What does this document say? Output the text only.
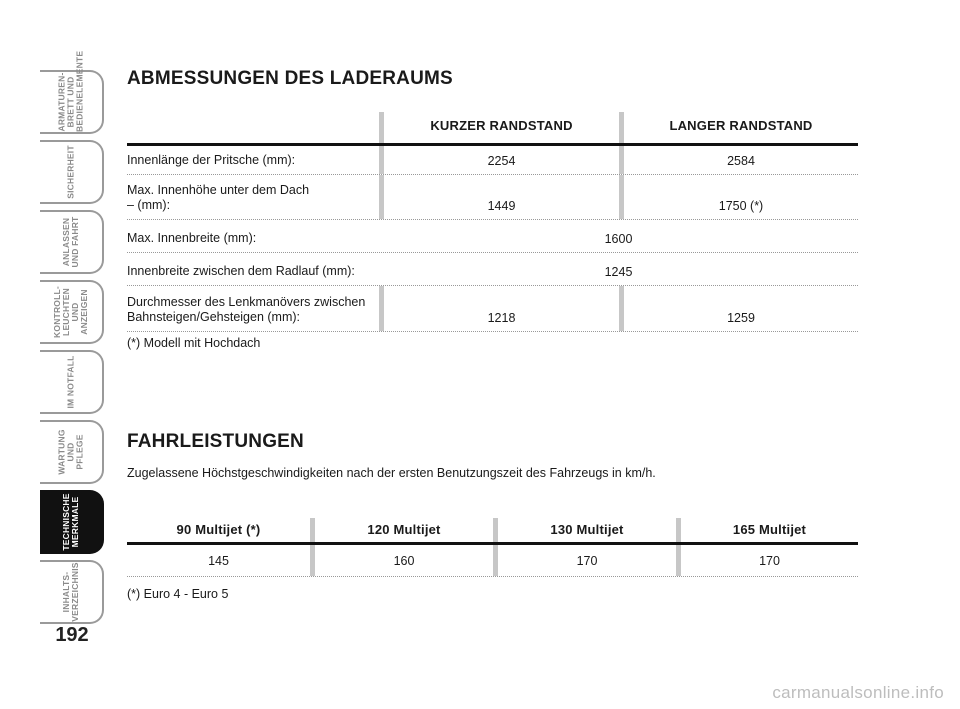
ARMATUREN-
BRETT UND
BEDIENELEMENTE
SICHERHEIT
ANLASSEN
UND FAHRT
KONTROLL-
LEUCHTEN UND
ANZEIGEN
IM NOTFALL
WARTUNG UND
PFLEGE
TECHNISCHE
MERKMALE
INHALTS-
VERZEICHNIS
192
ABMESSUNGEN DES LADERAUMS
KURZER RANDSTAND	LANGER RANDSTAND
Innenlänge der Pritsche (mm):	2254	2584
Max. Innenhöhe unter dem Dach
– (mm):	1449	1750 (*)
Max. Innenbreite (mm):	1600
Innenbreite zwischen dem Radlauf (mm):	1245
Durchmesser des Lenkmanövers zwischen
Bahnsteigen/Gehsteigen (mm):	1218	1259
(*) Modell mit Hochdach
FAHRLEISTUNGEN
Zugelassene Höchstgeschwindigkeiten nach der ersten Benutzungszeit des Fahrzeugs in km/h.
90 Multijet (*)	120 Multijet	130 Multijet	165 Multijet
145	160	170	170
(*) Euro 4 - Euro 5
carmanualsonline.info
